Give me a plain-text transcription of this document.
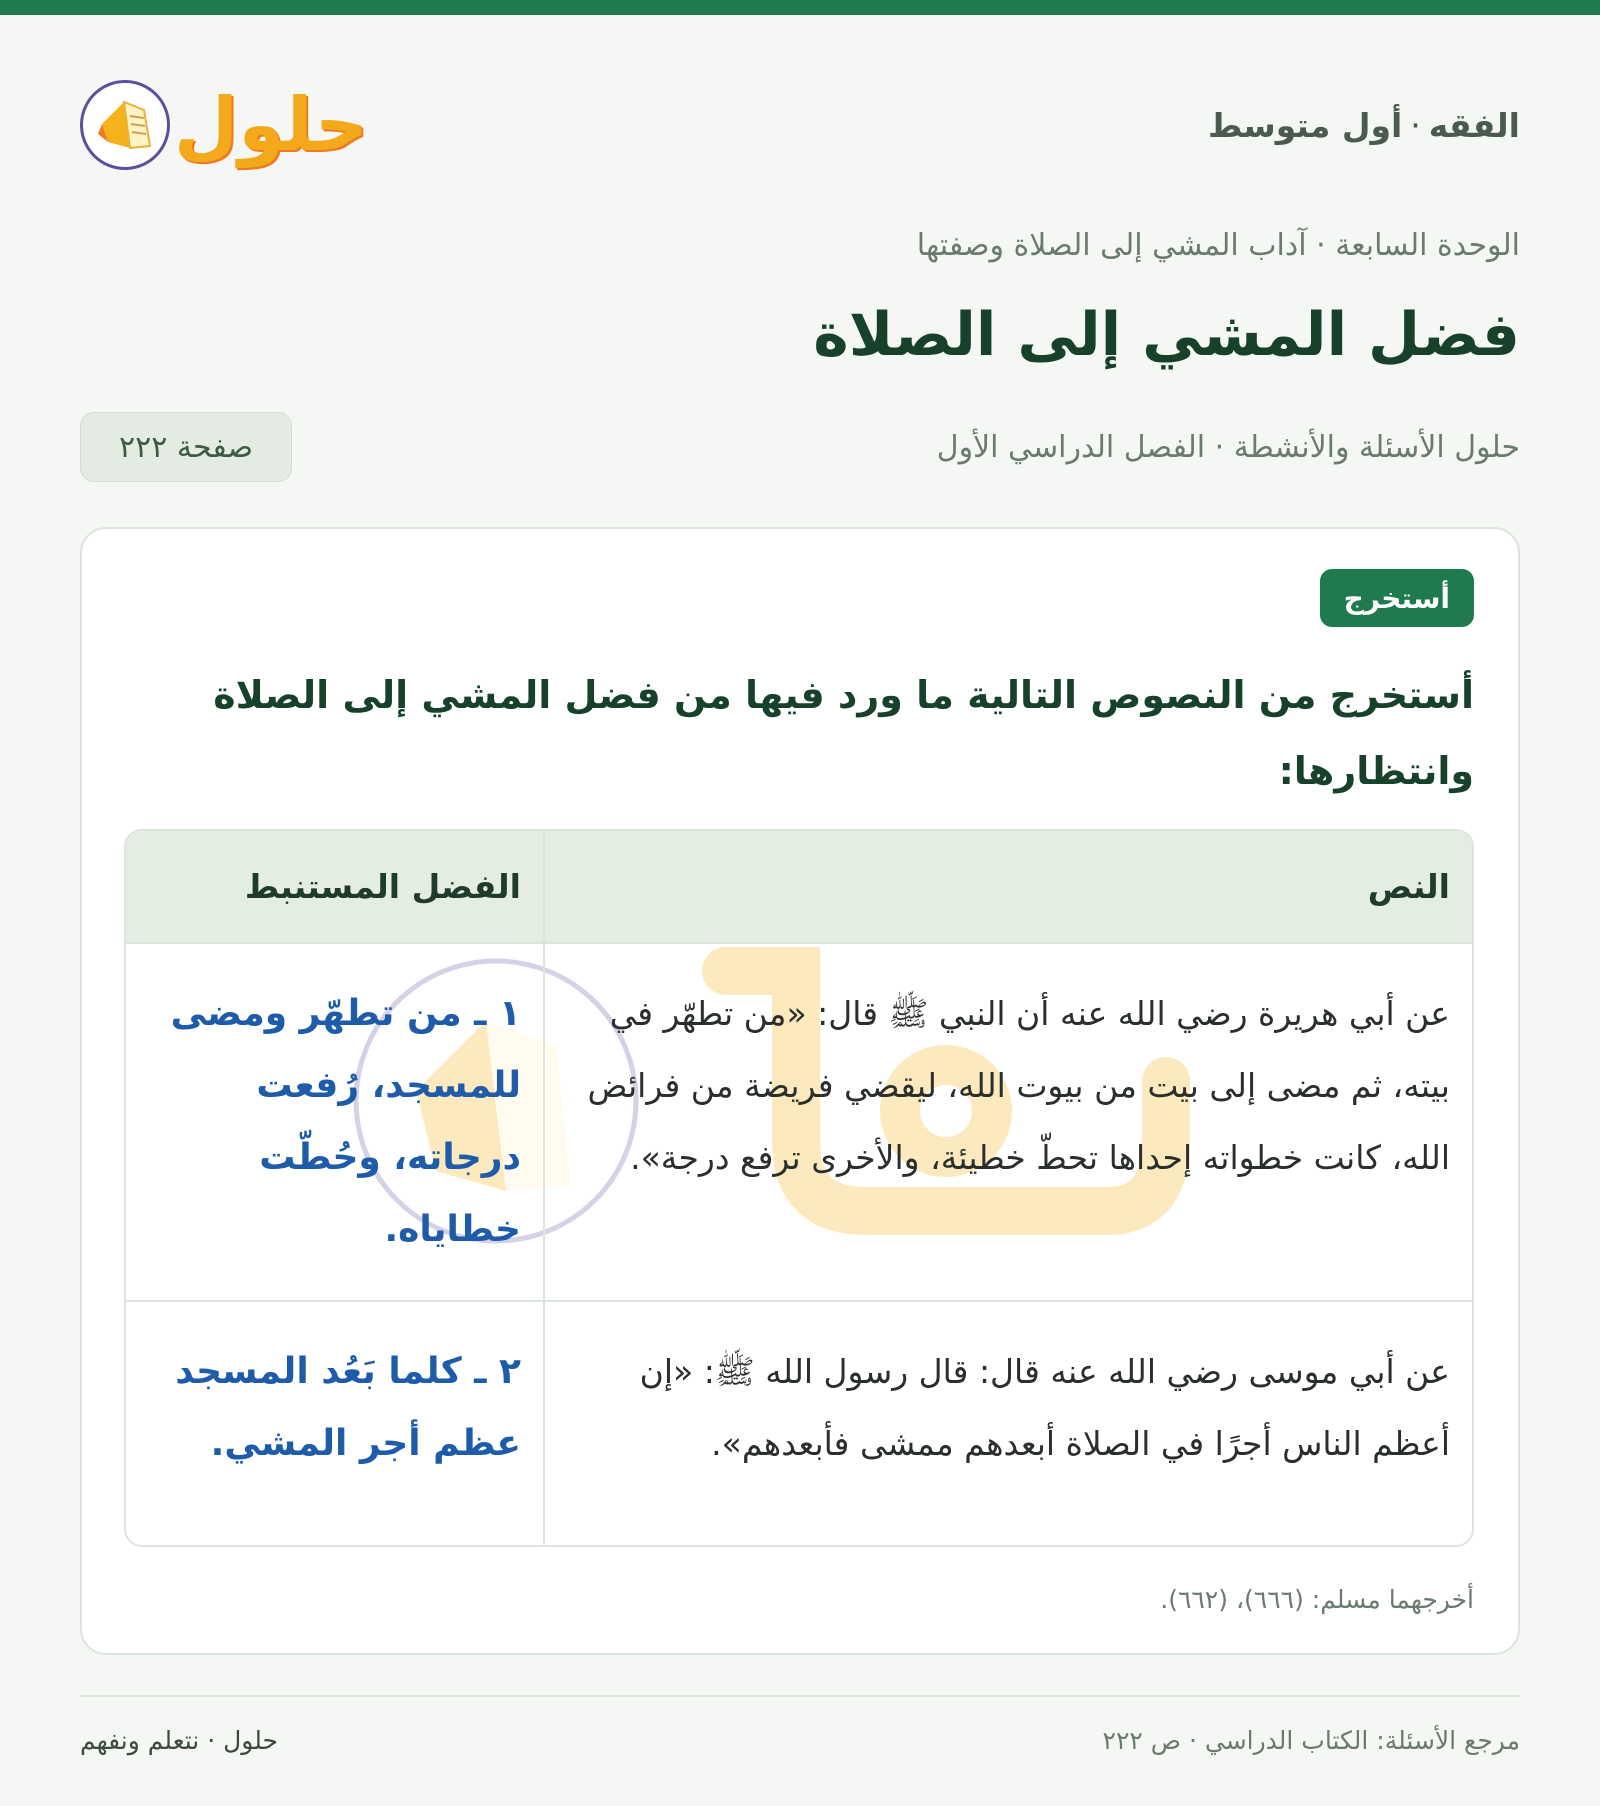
الفقه·أول متوسط
حلول
الوحدة السابعة · آداب المشي إلى الصلاة وصفتها
فضل المشي إلى الصلاة
حلول الأسئلة والأنشطة · الفصل الدراسي الأول
صفحة ٢٢٢
أستخرج
أستخرج من النصوص التالية ما ورد فيها من فضل المشي إلى الصلاة وانتظارها:
النص	الفضل المستنبط
عن أبي هريرة رضي الله عنه أن النبي ﷺ قال: «من تطهّر في بيته، ثم مضى إلى بيت من بيوت الله، ليقضي فريضة من فرائض الله، كانت خطواته إحداها تحطّ خطيئة، والأخرى ترفع درجة».	١ ـ من تطهّر ومضى للمسجد، رُفعت درجاته، وحُطّت خطاياه.
عن أبي موسى رضي الله عنه قال: قال رسول الله ﷺ: «إن أعظم الناس أجرًا في الصلاة أبعدهم ممشى فأبعدهم».	٢ ـ كلما بَعُد المسجد عظم أجر المشي.
أخرجهما مسلم: (٦٦٦)، (٦٦٢).
مرجع الأسئلة: الكتاب الدراسي · ص ٢٢٢
حلول · نتعلم ونفهم
